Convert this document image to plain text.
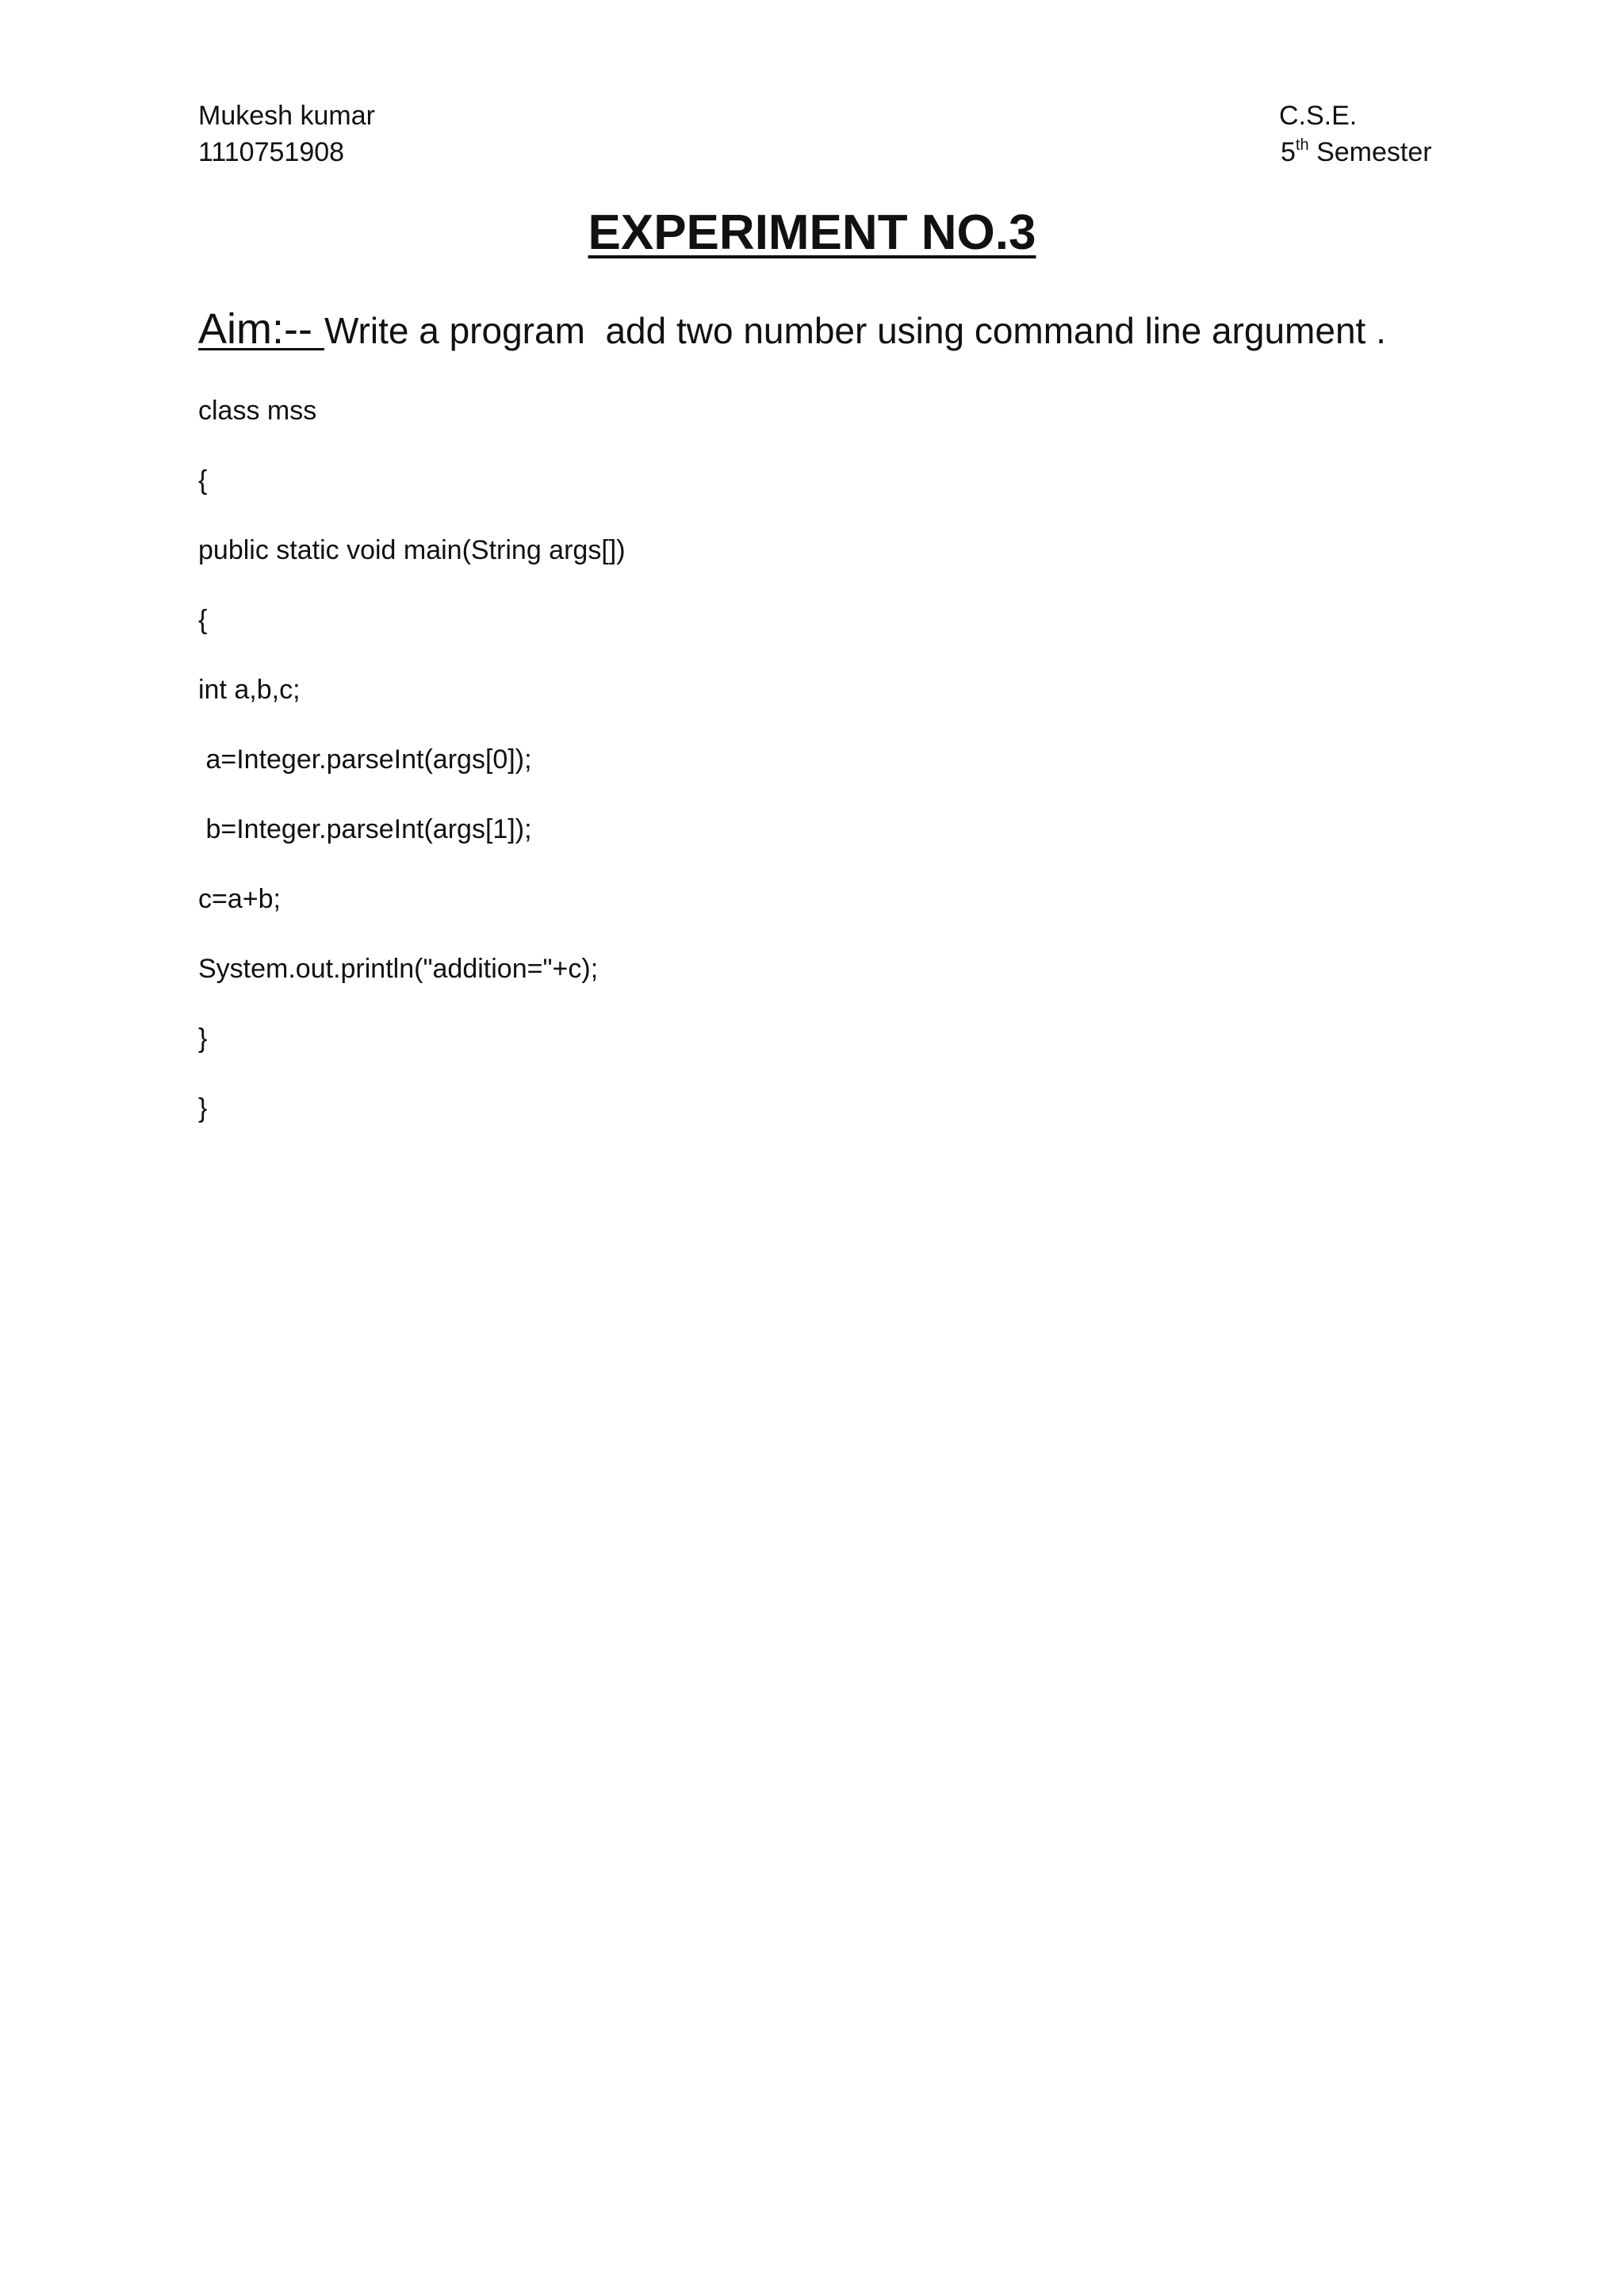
Mukesh kumar
1110751908
C.S.E.
5th Semester
EXPERIMENT NO.3
Aim:-- Write a program  add two number using command line argument .
class mss
{
public static void main(String args[])
{
int a,b,c;
a=Integer.parseInt(args[0]);
b=Integer.parseInt(args[1]);
c=a+b;
System.out.println("addition="+c);
}
}
